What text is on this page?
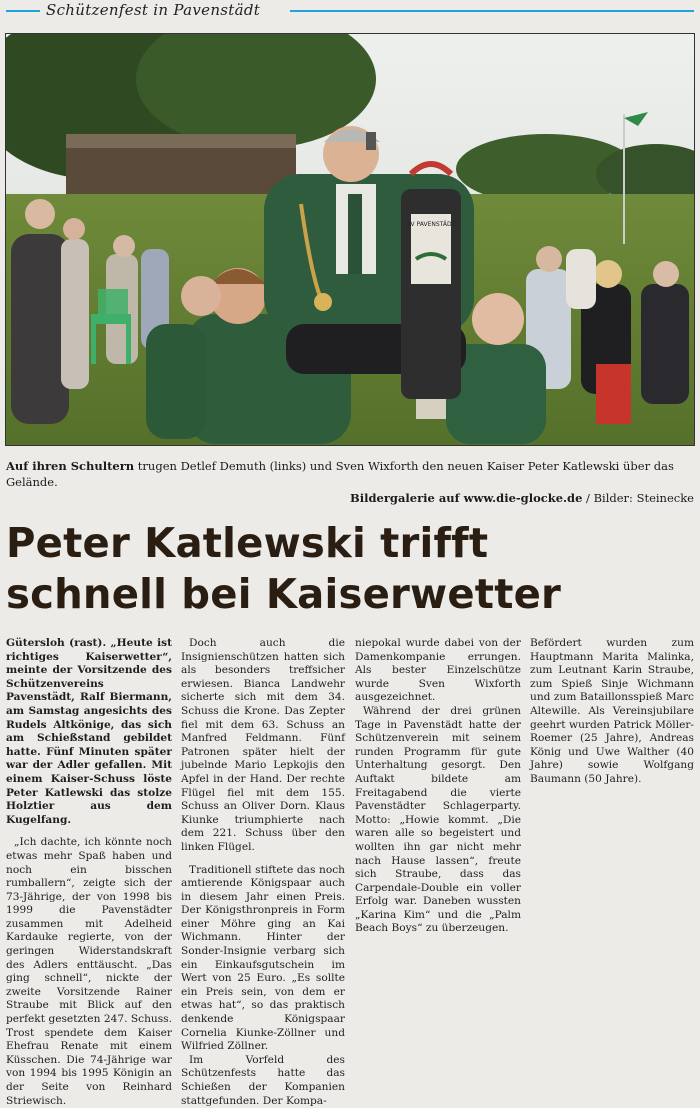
Schützenfest in Pavenstädt
SV PAVENSTÄDT
Auf ihren Schultern trugen Detlef Demuth (links) und Sven Wixforth den neuen Kaiser Peter Katlewski über das Gelände.
Bildergalerie auf www.die-glocke.de / Bilder: Steinecke
Peter Katlewski trifft
schnell bei Kaiserwetter

Gütersloh (rast). „Heute ist richtiges Kaiserwetter“, meinte der Vorsitzende des Schützenvereins Pavenstädt, Ralf Biermann, am Samstag angesichts des Rudels Altkönige, das sich am Schießstand gebildet hatte. Fünf Minuten später war der Adler gefallen. Mit einem Kaiser-Schuss löste Peter Katlewski das stolze Holztier aus dem Kugelfang.

„Ich dachte, ich könnte noch etwas mehr Spaß haben und noch ein bisschen rumballern“, zeigte sich der 73-Jährige, der von 1998 bis 1999 die Pavenstädter zusammen mit Adelheid Kardauke regierte, von der geringen Widerstandskraft des Adlers enttäuscht. „Das ging schnell“, nickte der zweite Vorsitzende Rainer Straube mit Blick auf den perfekt gesetzten 247. Schuss. Trost spendete dem Kaiser Ehefrau Renate mit einem Küsschen. Die 74-Jährige war von 1994 bis 1995 Königin an der Seite von Reinhard Striewisch.

Doch auch die Insignienschützen hatten sich als besonders treffsicher erwiesen. Bianca Landwehr sicherte sich mit dem 34. Schuss die Krone. Das Zepter fiel mit dem 63. Schuss an Manfred Feldmann. Fünf Patronen später hielt der jubelnde Mario Lepkojis den Apfel in der Hand. Der rechte Flügel fiel mit dem 155. Schuss an Oliver Dorn. Klaus Kiunke triumphierte nach dem 221. Schuss über den linken Flügel.

Traditionell stiftete das noch amtierende Königspaar auch in diesem Jahr einen Preis. Der Königsthronpreis in Form einer Möhre ging an Kai Wichmann. Hinter der Sonder-Insignie verbarg sich ein Einkaufsgutschein im Wert von 25 Euro. „Es sollte ein Preis sein, von dem er etwas hat“, so das praktisch denkende Königspaar Cornelia Kiunke-Zöllner und Wilfried Zöllner.

Im Vorfeld des Schützenfests hatte das Schießen der Kompanien stattgefunden. Der Kompa-

niepokal wurde dabei von der Damenkompanie errungen. Als bester Einzelschütze wurde Sven Wixforth ausgezeichnet.

Während der drei grünen Tage in Pavenstädt hatte der Schützenverein mit seinem runden Programm für gute Unterhaltung gesorgt. Den Auftakt bildete am Freitagabend die vierte Pavenstädter Schlagerparty. Motto: „Howie kommt. „Die waren alle so begeistert und wollten ihn gar nicht mehr nach Hause lassen“, freute sich Straube, dass das Carpendale-Double ein voller Erfolg war. Daneben wussten „Karina Kim“ und die „Palm Beach Boys“ zu überzeugen.

Befördert wurden zum Hauptmann Marita Malinka, zum Leutnant Karin Straube, zum Spieß Sinje Wichmann und zum Bataillonsspieß Marc Altewille. Als Vereinsjubilare geehrt wurden Patrick Möller-Roemer (25 Jahre), Andreas König und Uwe Walther (40 Jahre) sowie Wolfgang Baumann (50 Jahre).
